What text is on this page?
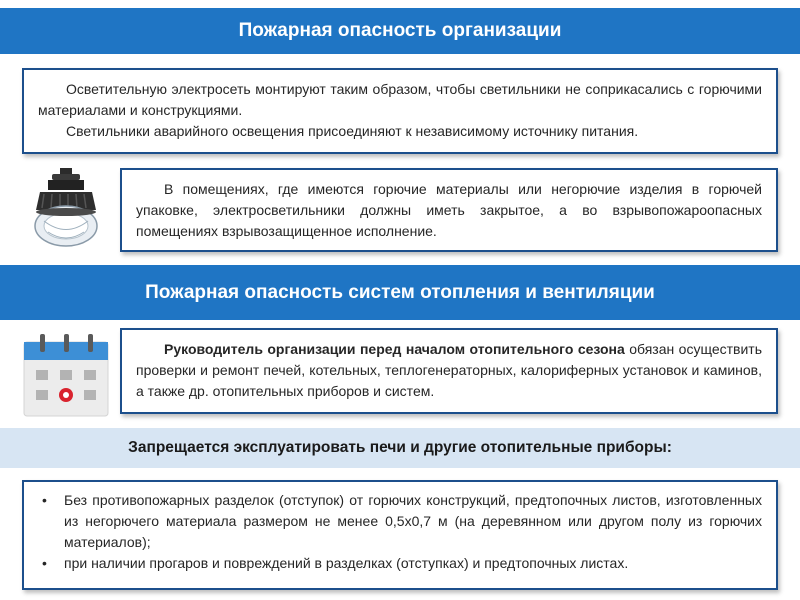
Пожарная опасность организации

Осветительную электросеть монтируют таким образом, чтобы светильники не соприкасались с горючими материалами и конструкциями.

Светильники аварийного освещения присоединяют к независимому источнику питания.

В помещениях, где имеются горючие материалы или негорючие изделия в горючей упаковке, электросветильники должны иметь закрытое, а во взрывопожароопасных помещениях взрывозащищенное исполнение.

Пожарная опасность систем отопления и вентиляции

Руководитель организации перед началом отопительного сезона обязан осуществить проверки и ремонт печей, котельных, теплогенераторных, калориферных установок и каминов, а также др. отопительных приборов и систем.

Запрещается эксплуатировать печи и другие отопительные приборы:
• Без противопожарных разделок (отступок) от горючих конструкций, предтопочных листов, изготовленных из негорючего материала размером не менее 0,5х0,7 м (на деревянном или другом полу из горючих материалов);
• при наличии прогаров и повреждений в разделках (отступках) и предтопочных листах.
